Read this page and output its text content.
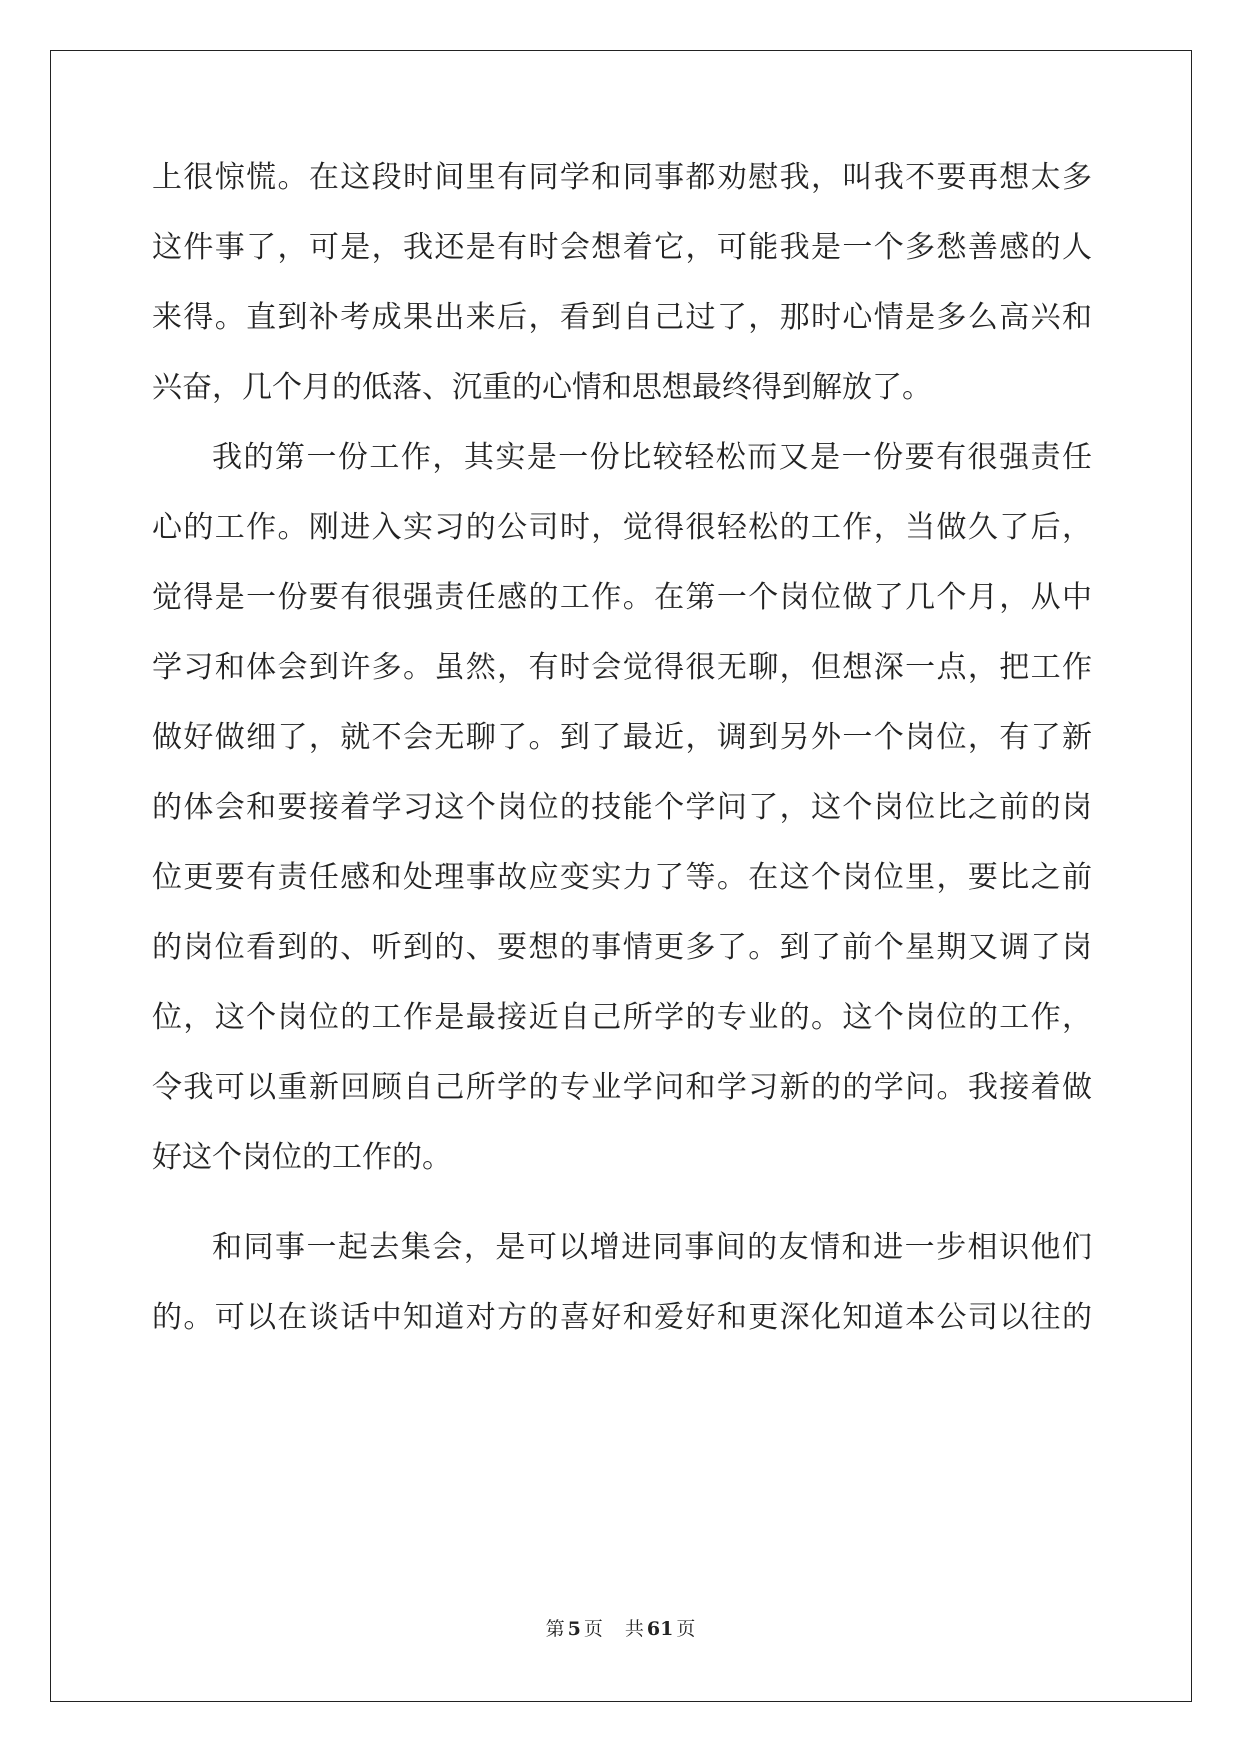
上很惊慌。在这段时间里有同学和同事都劝慰我，叫我不要再想太多
这件事了，可是，我还是有时会想着它，可能我是一个多愁善感的人
来得。直到补考成果出来后，看到自己过了，那时心情是多么高兴和
兴奋，几个月的低落、沉重的心情和思想最终得到解放了。
我的第一份工作，其实是一份比较轻松而又是一份要有很强责任
心的工作。刚进入实习的公司时，觉得很轻松的工作，当做久了后，
觉得是一份要有很强责任感的工作。在第一个岗位做了几个月，从中
学习和体会到许多。虽然，有时会觉得很无聊，但想深一点，把工作
做好做细了，就不会无聊了。到了最近，调到另外一个岗位，有了新
的体会和要接着学习这个岗位的技能个学问了，这个岗位比之前的岗
位更要有责任感和处理事故应变实力了等。在这个岗位里，要比之前
的岗位看到的、听到的、要想的事情更多了。到了前个星期又调了岗
位，这个岗位的工作是最接近自己所学的专业的。这个岗位的工作，
令我可以重新回顾自己所学的专业学问和学习新的的学问。我接着做
好这个岗位的工作的。
和同事一起去集会，是可以增进同事间的友情和进一步相识他们
的。可以在谈话中知道对方的喜好和爱好和更深化知道本公司以往的
第 5 页 共 61 页
